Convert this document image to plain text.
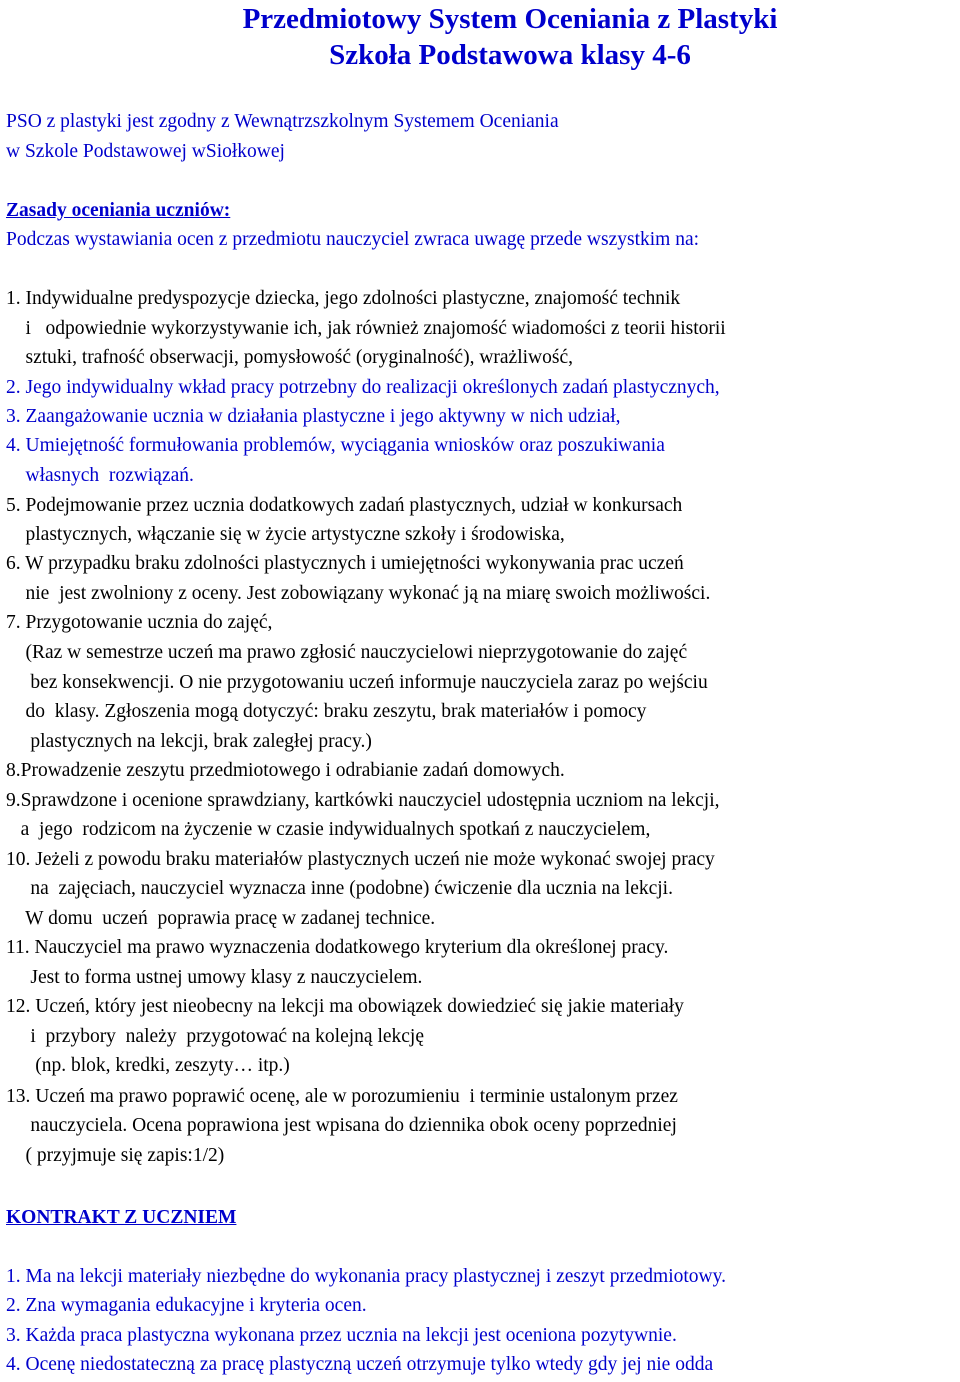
Przedmiotowy System Oceniania z Plastyki
Szkoła Podstawowa klasy 4-6
PSO z plastyki jest zgodny z Wewnątrzszkolnym Systemem Oceniania
w Szkole Podstawowej wSiołkowej
Zasady oceniania uczniów:
Podczas wystawiania ocen z przedmiotu nauczyciel zwraca uwagę przede wszystkim na:
1. Indywidualne predyspozycje dziecka, jego zdolności plastyczne, znajomość technik
i   odpowiednie wykorzystywanie ich, jak również znajomość wiadomości z teorii historii
sztuki, trafność obserwacji, pomysłowość (oryginalność), wrażliwość,
2. Jego indywidualny wkład pracy potrzebny do realizacji określonych zadań plastycznych,
3. Zaangażowanie ucznia w działania plastyczne i jego aktywny w nich udział,
4. Umiejętność formułowania problemów, wyciągania wniosków oraz poszukiwania
własnych  rozwiązań.
5. Podejmowanie przez ucznia dodatkowych zadań plastycznych, udział w konkursach
plastycznych, włączanie się w życie artystyczne szkoły i środowiska,
6. W przypadku braku zdolności plastycznych i umiejętności wykonywania prac uczeń
nie  jest zwolniony z oceny. Jest zobowiązany wykonać ją na miarę swoich możliwości.
7. Przygotowanie ucznia do zajęć,
(Raz w semestrze uczeń ma prawo zgłosić nauczycielowi nieprzygotowanie do zajęć
bez konsekwencji. O nie przygotowaniu uczeń informuje nauczyciela zaraz po wejściu
do  klasy. Zgłoszenia mogą dotyczyć: braku zeszytu, brak materiałów i pomocy
plastycznych na lekcji, brak zaległej pracy.)
8.Prowadzenie zeszytu przedmiotowego i odrabianie zadań domowych.
9.Sprawdzone i ocenione sprawdziany, kartkówki nauczyciel udostępnia uczniom na lekcji,
a  jego  rodzicom na życzenie w czasie indywidualnych spotkań z nauczycielem,
10. Jeżeli z powodu braku materiałów plastycznych uczeń nie może wykonać swojej pracy
na  zajęciach, nauczyciel wyznacza inne (podobne) ćwiczenie dla ucznia na lekcji.
W domu  uczeń  poprawia pracę w zadanej technice.
11. Nauczyciel ma prawo wyznaczenia dodatkowego kryterium dla określonej pracy.
Jest to forma ustnej umowy klasy z nauczycielem.
12. Uczeń, który jest nieobecny na lekcji ma obowiązek dowiedzieć się jakie materiały
i  przybory  należy  przygotować na kolejną lekcję
(np. blok, kredki, zeszyty… itp.)
13. Uczeń ma prawo poprawić ocenę, ale w porozumieniu  i terminie ustalonym przez
nauczyciela. Ocena poprawiona jest wpisana do dziennika obok oceny poprzedniej
( przyjmuje się zapis:1/2)
KONTRAKT Z UCZNIEM
1. Ma na lekcji materiały niezbędne do wykonania pracy plastycznej i zeszyt przedmiotowy.
2. Zna wymagania edukacyjne i kryteria ocen.
3. Każda praca plastyczna wykonana przez ucznia na lekcji jest oceniona pozytywnie.
4. Ocenę niedostateczną za pracę plastyczną uczeń otrzymuje tylko wtedy gdy jej nie odda
